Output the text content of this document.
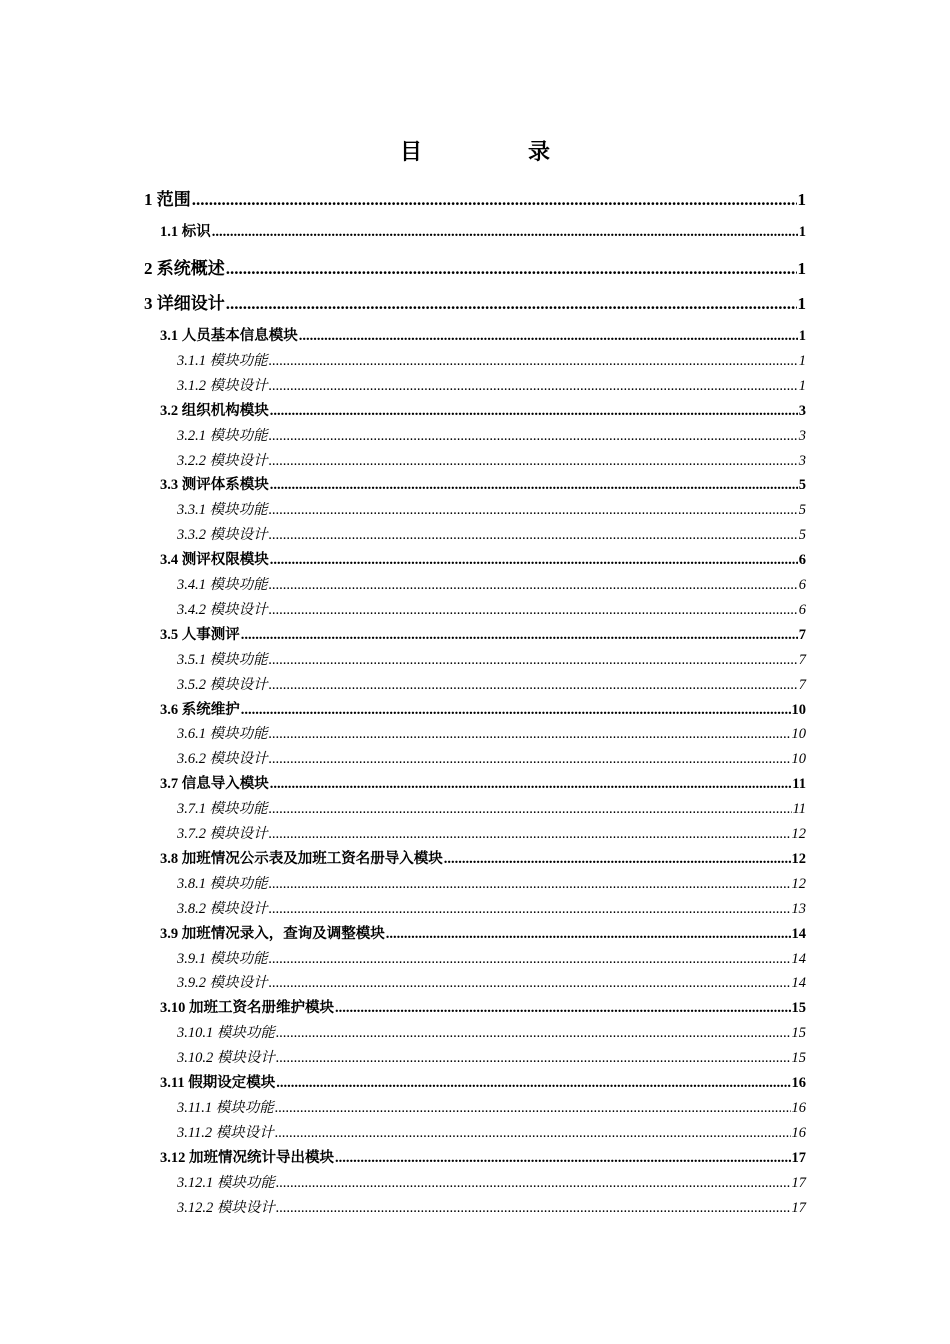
目　录
1 范围 .....	1
1.1 标识 .....	1
2 系统概述 .....	1
3 详细设计 .....	1
3.1 人员基本信息模块 .....	1
3.1.1 模块功能 .....	1
3.1.2 模块设计 .....	1
3.2 组织机构模块 .....	3
3.2.1 模块功能 .....	3
3.2.2 模块设计 .....	3
3.3 测评体系模块 .....	5
3.3.1 模块功能 .....	5
3.3.2 模块设计 .....	5
3.4 测评权限模块 .....	6
3.4.1 模块功能 .....	6
3.4.2 模块设计 .....	6
3.5 人事测评 .....	7
3.5.1 模块功能 .....	7
3.5.2 模块设计 .....	7
3.6 系统维护 .....	10
3.6.1 模块功能 .....	10
3.6.2 模块设计 .....	10
3.7 信息导入模块 .....	11
3.7.1 模块功能 .....	11
3.7.2 模块设计 .....	12
3.8 加班情况公示表及加班工资名册导入模块 .....	12
3.8.1 模块功能 .....	12
3.8.2 模块设计 .....	13
3.9 加班情况录入，查询及调整模块 .....	14
3.9.1 模块功能 .....	14
3.9.2 模块设计 .....	14
3.10 加班工资名册维护模块 .....	15
3.10.1 模块功能 .....	15
3.10.2 模块设计 .....	15
3.11 假期设定模块 .....	16
3.11.1 模块功能 .....	16
3.11.2 模块设计 .....	16
3.12 加班情况统计导出模块 .....	17
3.12.1 模块功能 .....	17
3.12.2 模块设计 .....	17
